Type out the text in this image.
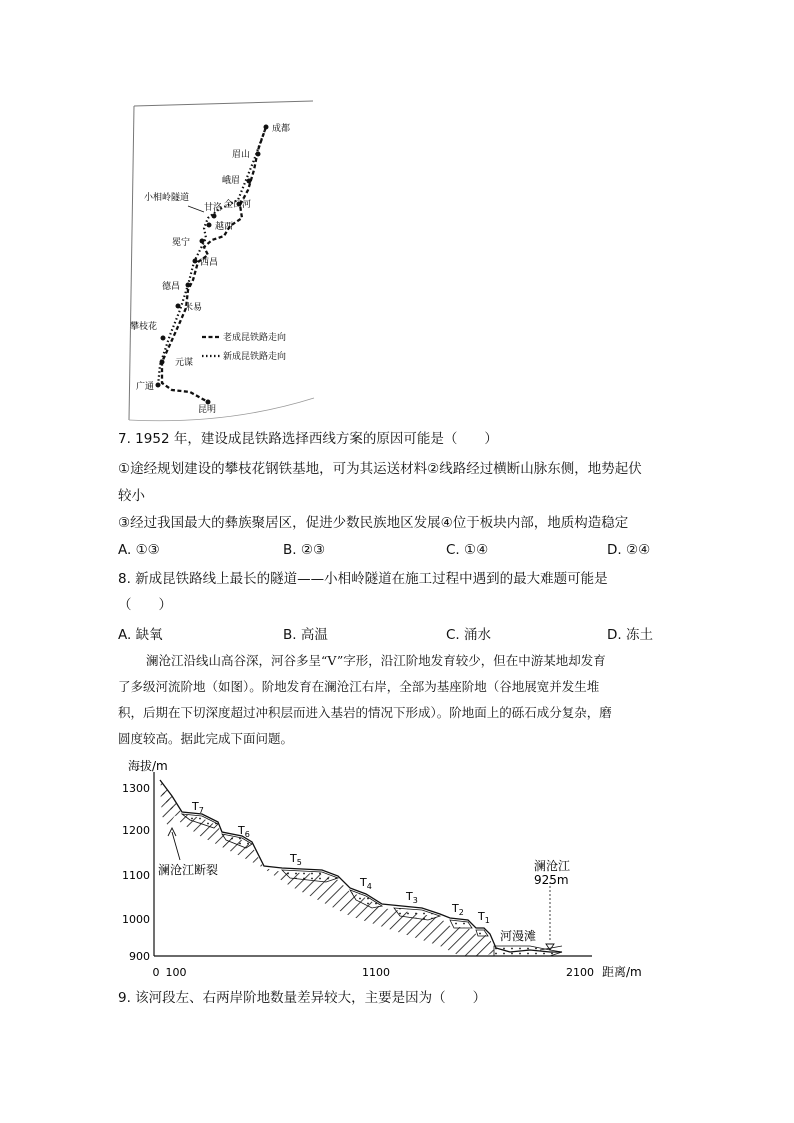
成都
眉山
峨眉
小相岭隧道
甘洛 金口河
越西
冕宁
西昌
德昌
米易
攀枝花
元谋
广通
昆明
老成昆铁路走向
新成昆铁路走向
7. 1952 年，建设成昆铁路选择西线方案的原因可能是（　　）
①途经规划建设的攀枝花钢铁基地，可为其运送材料②线路经过横断山脉东侧，地势起伏
较小
③经过我国最大的彝族聚居区，促进少数民族地区发展④位于板块内部，地质构造稳定
A. ①③	B. ②③	C. ①④	D. ②④
8. 新成昆铁路线上最长的隧道——小相岭隧道在施工过程中遇到的最大难题可能是
（　　）
A. 缺氧	B. 高温	C. 涌水	D. 冻土
澜沧江沿线山高谷深，河谷多呈“V”字形，沿江阶地发育较少，但在中游某地却发育
了多级河流阶地（如图）。阶地发育在澜沧江右岸，全部为基座阶地（谷地展宽并发生堆
积，后期在下切深度超过冲积层而进入基岩的情况下形成）。阶地面上的砾石成分复杂，磨
圆度较高。据此完成下面问题。
海拔/m
距离/m
1300
1200
1100
1000
900
0 100	1100	2100
$T_7$
$T_6$
$T_5$
$T_4$
$T_3$
$T_2$ $T_1$
澜沧江断裂	澜沧江
925m
河漫滩
9. 该河段左、右两岸阶地数量差异较大，主要是因为（　　）
